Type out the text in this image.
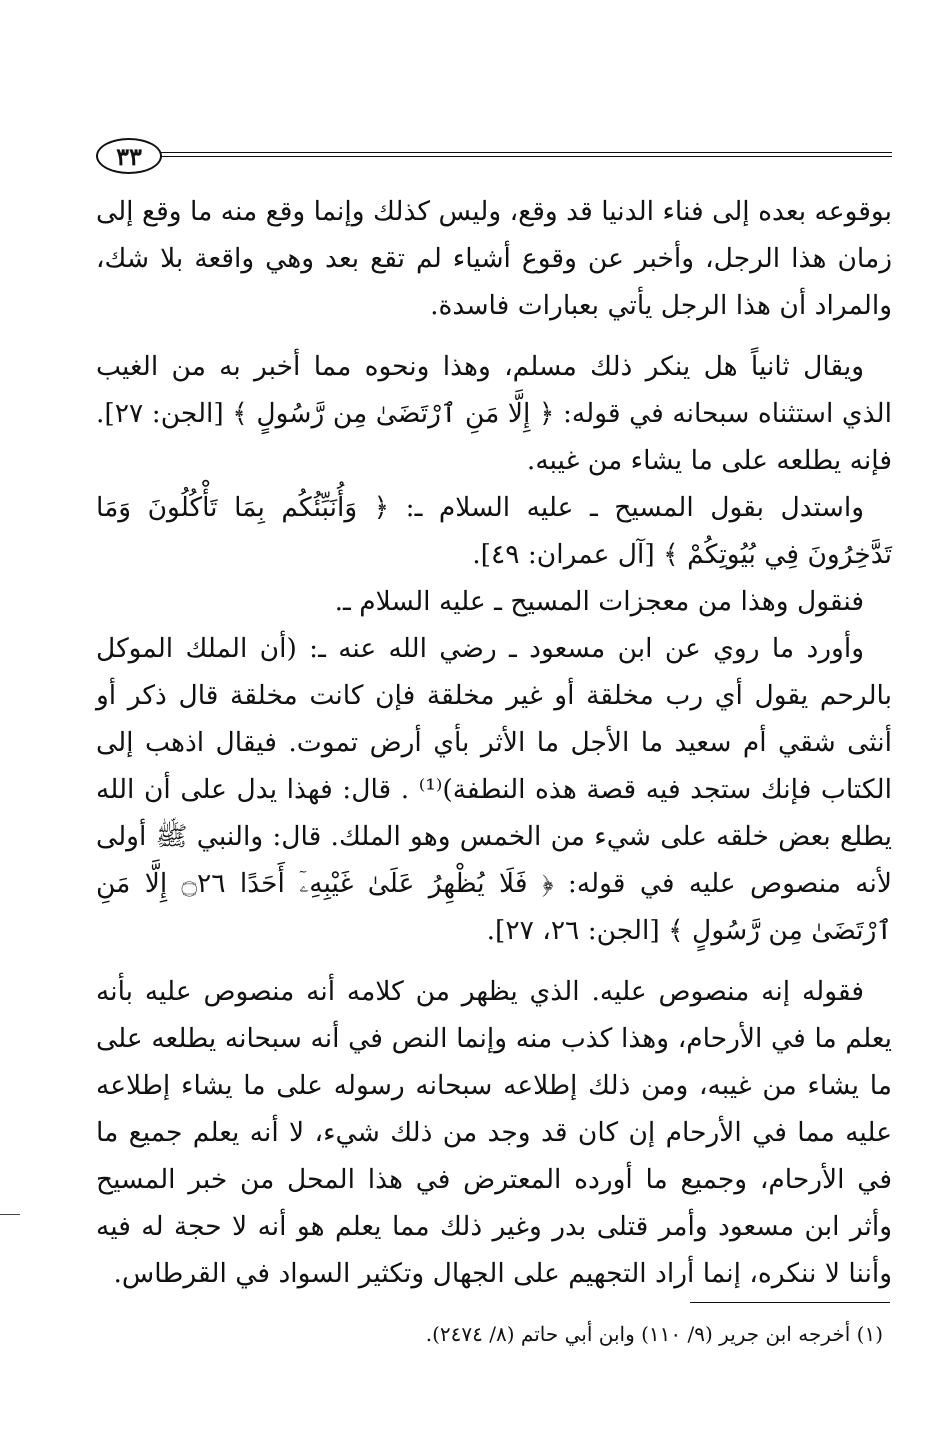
٣٣

بوقوعه بعده إلى فناء الدنيا قد وقع، وليس كذلك وإنما وقع منه ما وقع إلى زمان هذا الرجل، وأخبر عن وقوع أشياء لم تقع بعد وهي واقعة بلا شك، والمراد أن هذا الرجل يأتي بعبارات فاسدة.

ويقال ثانياً هل ينكر ذلك مسلم، وهذا ونحوه مما أخبر به من الغيب الذي استثناه سبحانه في قوله: ﴿ إِلَّا مَنِ ٱرْتَضَىٰ مِن رَّسُولٍ ﴾ [الجن: ٢٧]. فإنه يطلعه على ما يشاء من غيبه.

واستدل بقول المسيح ـ عليه السلام ـ: ﴿ وَأُنَبِّئُكُم بِمَا تَأْكُلُونَ وَمَا تَدَّخِرُونَ فِي بُيُوتِكُمْ ﴾ [آل عمران: ٤٩].

فنقول وهذا من معجزات المسيح ـ عليه السلام ـ.

وأورد ما روي عن ابن مسعود ـ رضي الله عنه ـ: (أن الملك الموكل بالرحم يقول أي رب مخلقة أو غير مخلقة فإن كانت مخلقة قال ذكر أو أنثى شقي أم سعيد ما الأجل ما الأثر بأي أرض تموت. فيقال اذهب إلى الكتاب فإنك ستجد فيه قصة هذه النطفة)⁽¹⁾ . قال: فهذا يدل على أن الله يطلع بعض خلقه على شيء من الخمس وهو الملك. قال: والنبي ﷺ أولى لأنه منصوص عليه في قوله: ﴿ فَلَا يُظْهِرُ عَلَىٰ غَيْبِهِۦٓ أَحَدًا ۝٢٦ إِلَّا مَنِ ٱرْتَضَىٰ مِن رَّسُولٍ ﴾ [الجن: ٢٦، ٢٧].

فقوله إنه منصوص عليه. الذي يظهر من كلامه أنه منصوص عليه بأنه يعلم ما في الأرحام، وهذا كذب منه وإنما النص في أنه سبحانه يطلعه على ما يشاء من غيبه، ومن ذلك إطلاعه سبحانه رسوله على ما يشاء إطلاعه عليه مما في الأرحام إن كان قد وجد من ذلك شيء، لا أنه يعلم جميع ما في الأرحام، وجميع ما أورده المعترض في هذا المحل من خبر المسيح وأثر ابن مسعود وأمر قتلى بدر وغير ذلك مما يعلم هو أنه لا حجة له فيه وأننا لا ننكره، إنما أراد التجهيم على الجهال وتكثير السواد في القرطاس.

(١) أخرجه ابن جرير (٩/ ١١٠) وابن أبي حاتم (٨/ ٢٤٧٤).
